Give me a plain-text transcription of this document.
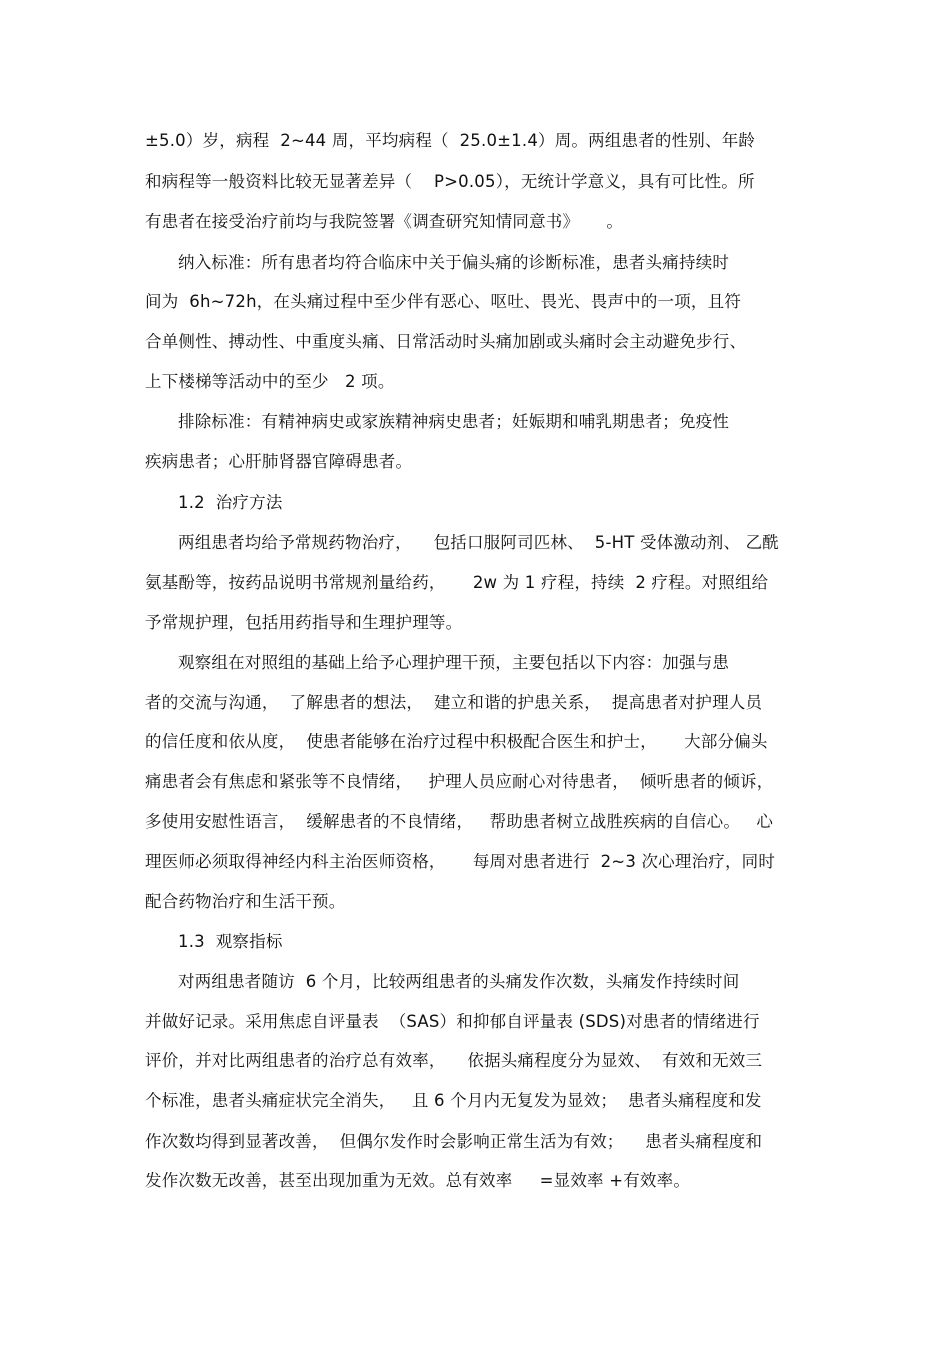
±5.0）岁，病程  2~44 周，平均病程（  25.0±1.4）周。两组患者的性别、年龄
和病程等一般资料比较无显著差异（    P>0.05），无统计学意义，具有可比性。所
有患者在接受治疗前均与我院签署《调查研究知情同意书》     。
纳入标准：所有患者均符合临床中关于偏头痛的诊断标准，患者头痛持续时
间为  6h~72h，在头痛过程中至少伴有恶心、呕吐、畏光、畏声中的一项，且符
合单侧性、搏动性、中重度头痛、日常活动时头痛加剧或头痛时会主动避免步行、
上下楼梯等活动中的至少   2 项。
排除标准：有精神病史或家族精神病史患者；妊娠期和哺乳期患者；免疫性
疾病患者；心肝肺肾器官障碍患者。
1.2  治疗方法
两组患者均给予常规药物治疗，    包括口服阿司匹林、  5-HT 受体激动剂、 乙酰
氨基酚等，按药品说明书常规剂量给药，     2w 为 1 疗程，持续  2 疗程。对照组给
予常规护理，包括用药指导和生理护理等。
观察组在对照组的基础上给予心理护理干预，主要包括以下内容：加强与患
者的交流与沟通，  了解患者的想法，  建立和谐的护患关系，  提高患者对护理人员
的信任度和依从度，  使患者能够在治疗过程中积极配合医生和护士，     大部分偏头
痛患者会有焦虑和紧张等不良情绪，   护理人员应耐心对待患者，  倾听患者的倾诉，
多使用安慰性语言，  缓解患者的不良情绪，   帮助患者树立战胜疾病的自信心。   心
理医师必须取得神经内科主治医师资格，     每周对患者进行  2~3 次心理治疗，同时
配合药物治疗和生活干预。
1.3  观察指标
对两组患者随访  6 个月，比较两组患者的头痛发作次数，头痛发作持续时间
并做好记录。采用焦虑自评量表  （SAS）和抑郁自评量表 (SDS)对患者的情绪进行
评价，并对比两组患者的治疗总有效率，    依据头痛程度分为显效、  有效和无效三
个标准，患者头痛症状完全消失，   且 6 个月内无复发为显效；  患者头痛程度和发
作次数均得到显著改善，  但偶尔发作时会影响正常生活为有效；    患者头痛程度和
发作次数无改善，甚至出现加重为无效。总有效率     =显效率 +有效率。
